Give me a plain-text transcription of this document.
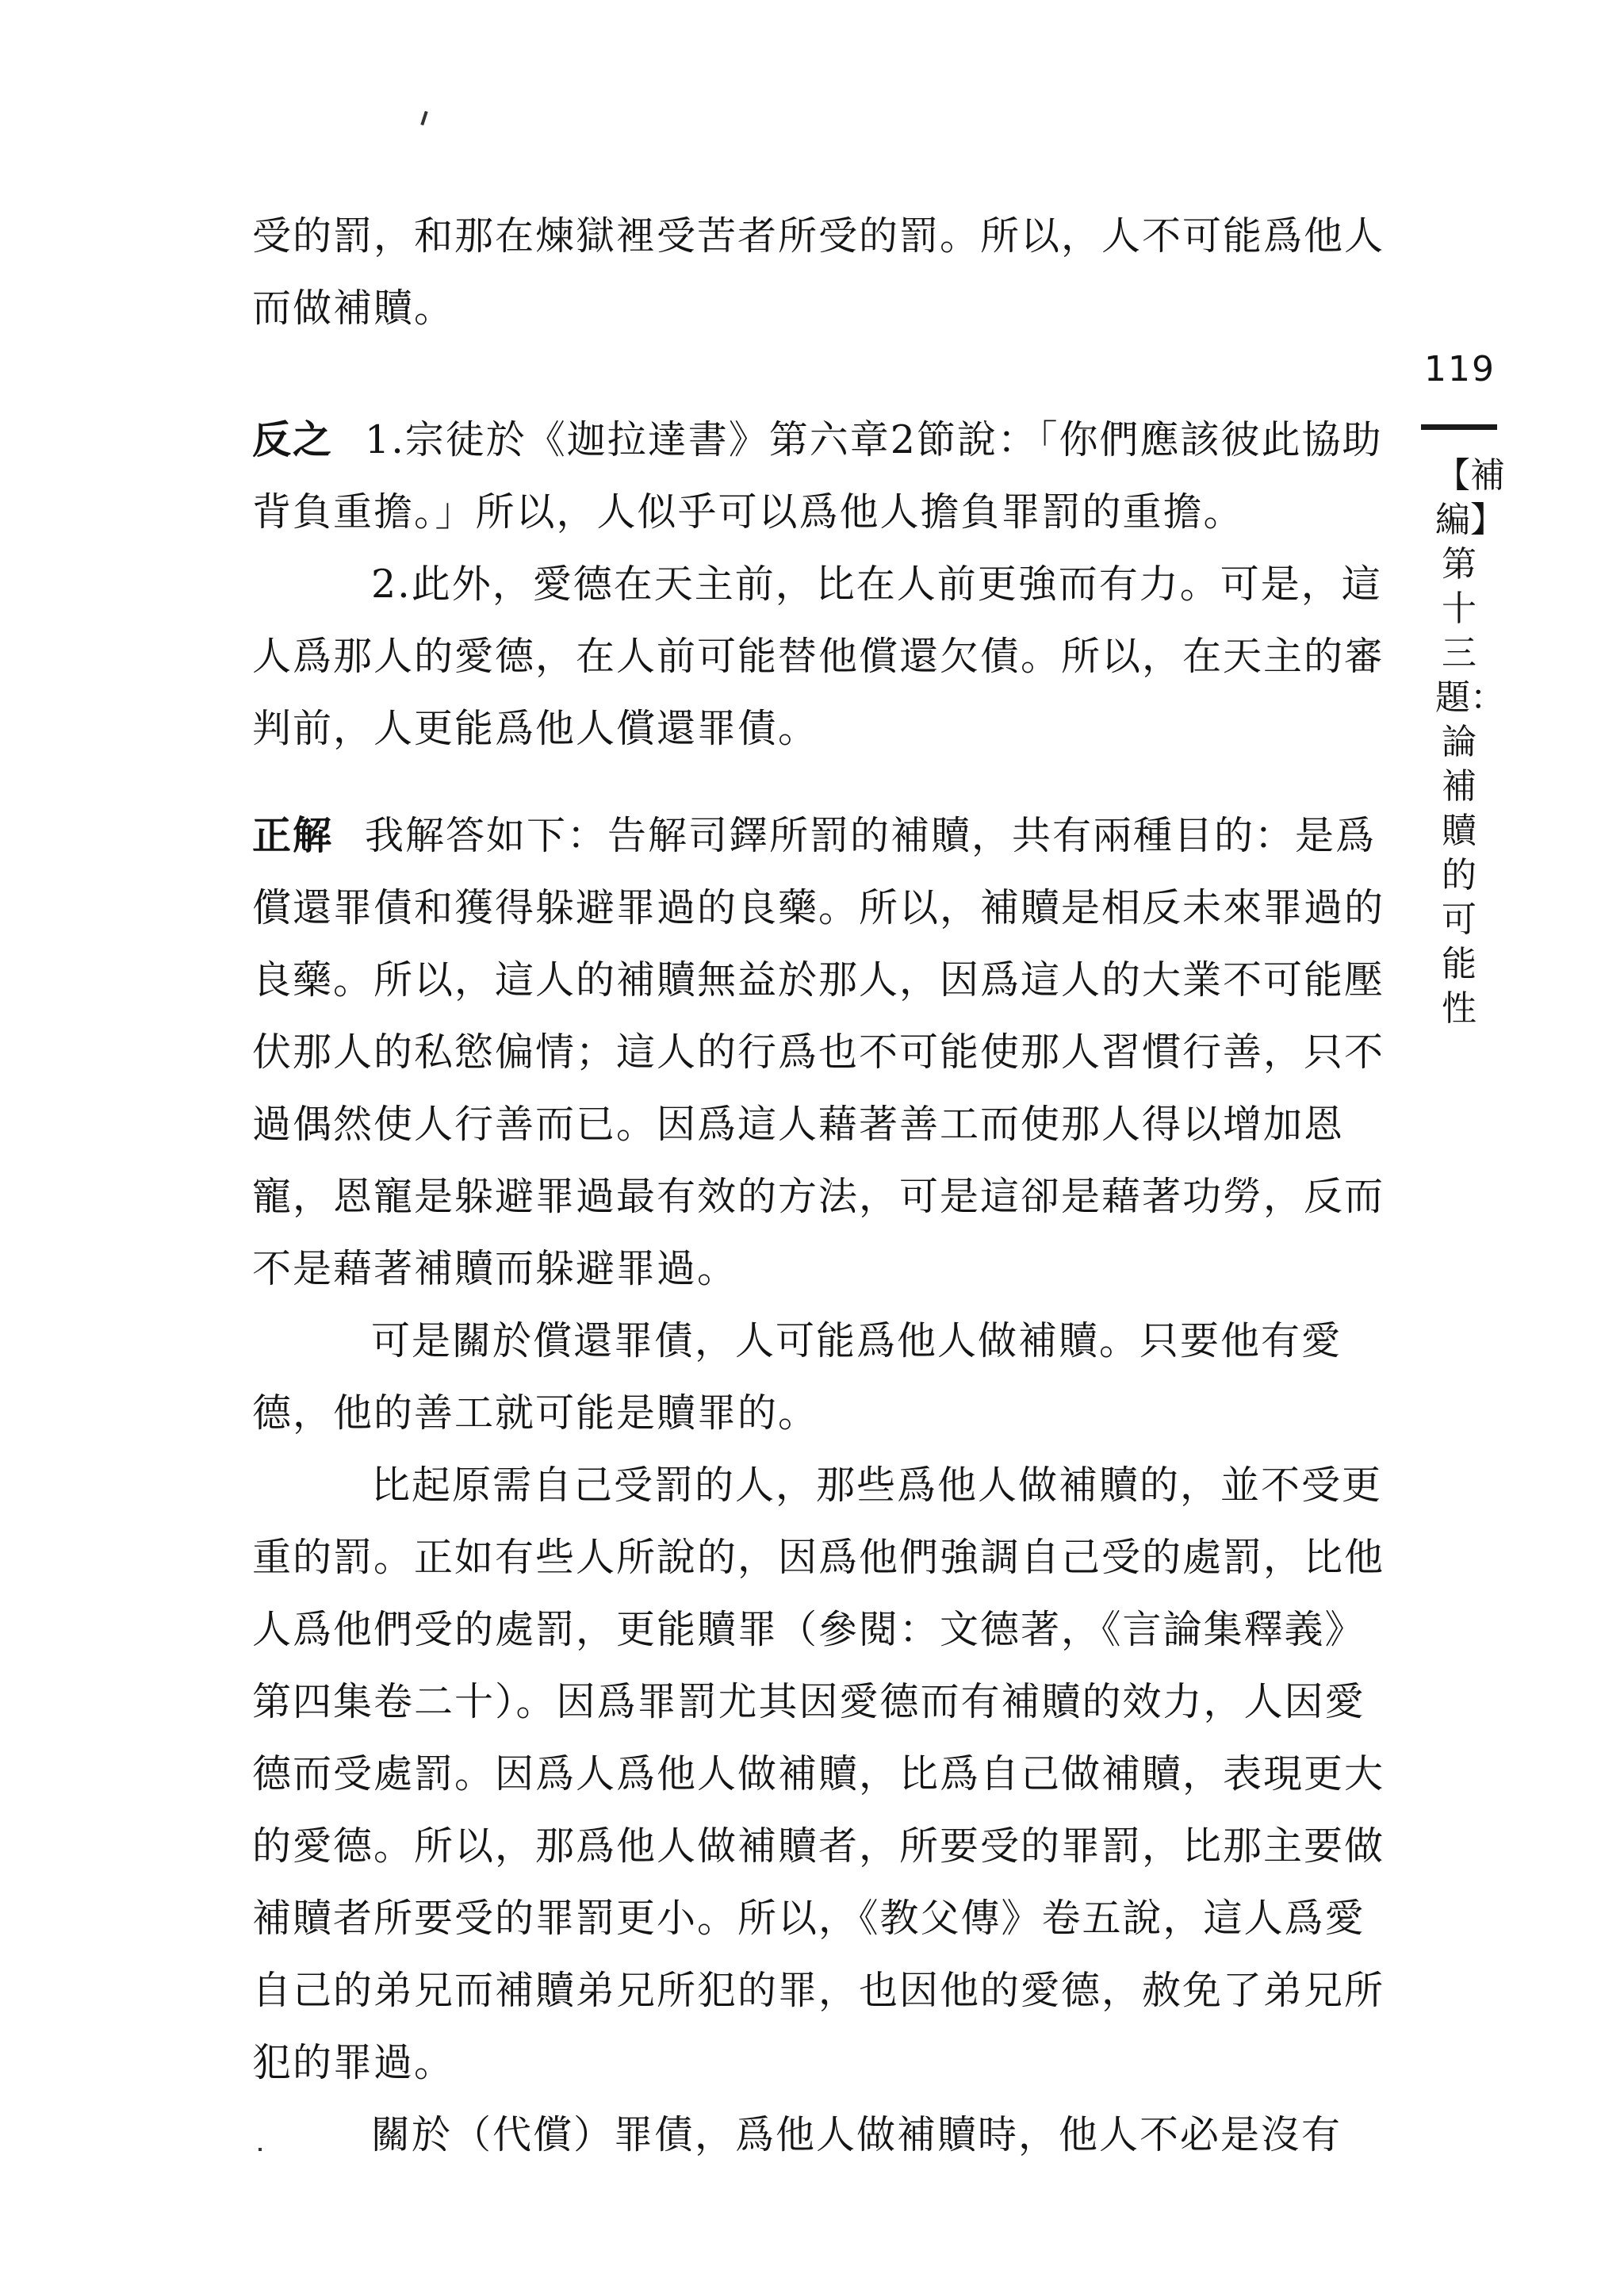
119
【補編】第十三題：論補贖的可能性

受的罰，和那在煉獄裡受苦者所受的罰。所以，人不可能爲他人而做補贖。

反之 1.宗徒於《迦拉達書》第六章2節說：「你們應該彼此協助背負重擔。」所以，人似乎可以爲他人擔負罪罰的重擔。

2.此外，愛德在天主前，比在人前更強而有力。可是，這人爲那人的愛德，在人前可能替他償還欠債。所以，在天主的審判前，人更能爲他人償還罪債。

正解 我解答如下：告解司鐸所罰的補贖，共有兩種目的：是爲償還罪債和獲得躲避罪過的良藥。所以，補贖是相反未來罪過的良藥。所以，這人的補贖無益於那人，因爲這人的大業不可能壓伏那人的私慾偏情；這人的行爲也不可能使那人習慣行善，只不過偶然使人行善而已。因爲這人藉著善工而使那人得以增加恩寵，恩寵是躲避罪過最有效的方法，可是這卻是藉著功勞，反而不是藉著補贖而躲避罪過。

可是關於償還罪債，人可能爲他人做補贖。只要他有愛德，他的善工就可能是贖罪的。

比起原需自己受罰的人，那些爲他人做補贖的，並不受更重的罰。正如有些人所說的，因爲他們強調自己受的處罰，比他人爲他們受的處罰，更能贖罪（參閱：文德著，《言論集釋義》第四集卷二十）。因爲罪罰尤其因愛德而有補贖的效力，人因愛德而受處罰。因爲人爲他人做補贖，比爲自己做補贖，表現更大的愛德。所以，那爲他人做補贖者，所要受的罪罰，比那主要做補贖者所要受的罪罰更小。所以，《教父傳》卷五說，這人爲愛自己的弟兄而補贖弟兄所犯的罪，也因他的愛德，赦免了弟兄所犯的罪過。

關於（代償）罪債，爲他人做補贖時，他人不必是沒有
